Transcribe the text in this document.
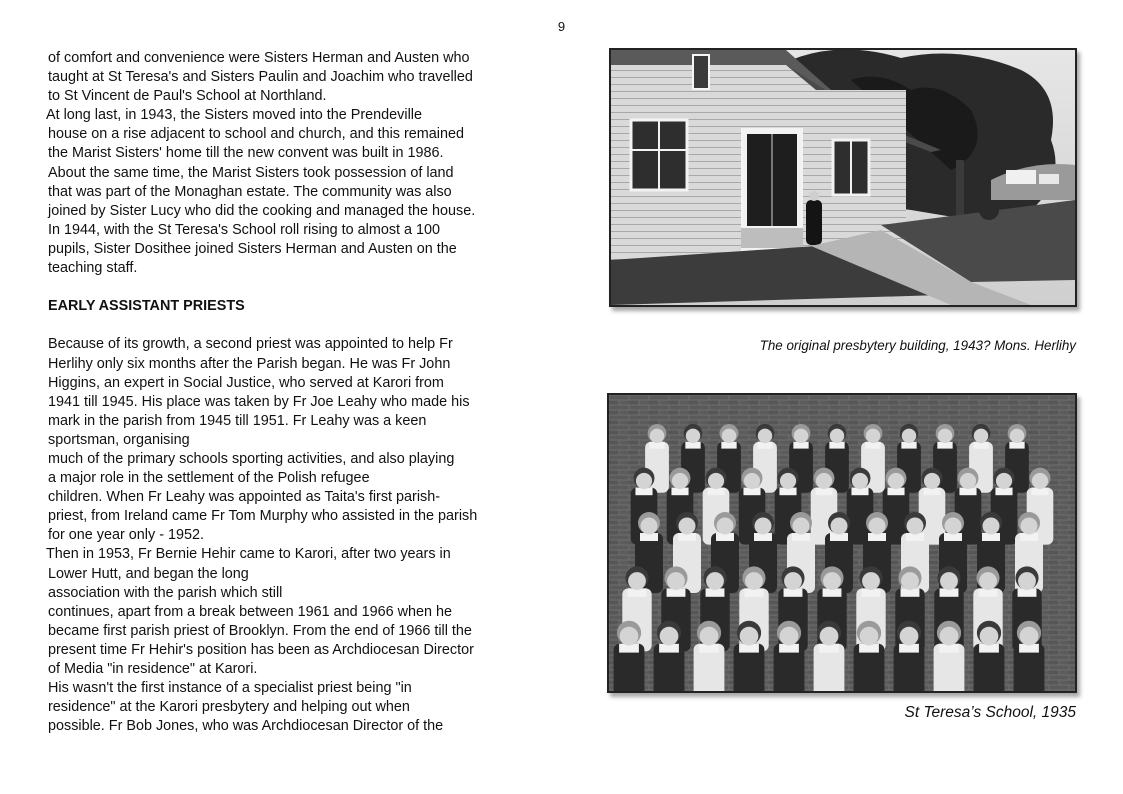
9
of comfort and convenience were Sisters Herman and Austen who
taught at St Teresa's and Sisters Paulin and Joachim who travelled
to St Vincent de Paul's School at Northland.
At long last, in 1943, the Sisters moved into the Prendeville
house on a rise adjacent to school and church, and this remained
the Marist Sisters' home till the new convent was built in 1986.
About the same time, the Marist Sisters took possession of land
that was part of the Monaghan estate. The community was also
joined by Sister Lucy who did the cooking and managed the house.
In 1944, with the St Teresa's School roll rising to almost a 100
pupils, Sister Dosithee joined Sisters Herman and Austen on the
teaching staff.
EARLY ASSISTANT PRIESTS
Because of its growth, a second priest was appointed to help Fr
Herlihy only six months after the Parish began. He was Fr John
Higgins, an expert in Social Justice, who served at Karori from
1941 till 1945. His place was taken by Fr Joe Leahy who made his
mark in the parish from 1945 till 1951. Fr Leahy was a keen
sportsman, organising
much of the primary schools sporting activities, and also playing
a major role in the settlement of the Polish refugee
children. When Fr Leahy was appointed as Taita's first parish-
priest, from Ireland came Fr Tom Murphy who assisted in the parish
for one year only - 1952.
Then in 1953, Fr Bernie Hehir came to Karori, after two years in
Lower Hutt, and began the long
association with the parish which still
continues, apart from a break between 1961 and 1966 when he
became first parish priest of Brooklyn. From the end of 1966 till the
present time Fr Hehir's position has been as Archdiocesan Director
of Media "in residence" at Karori.
His wasn't the first instance of a specialist priest being "in
residence" at the Karori presbytery and helping out when
possible. Fr Bob Jones, who was Archdiocesan Director of the
The original presbytery building, 1943? Mons. Herlihy
St Teresa’s School, 1935
